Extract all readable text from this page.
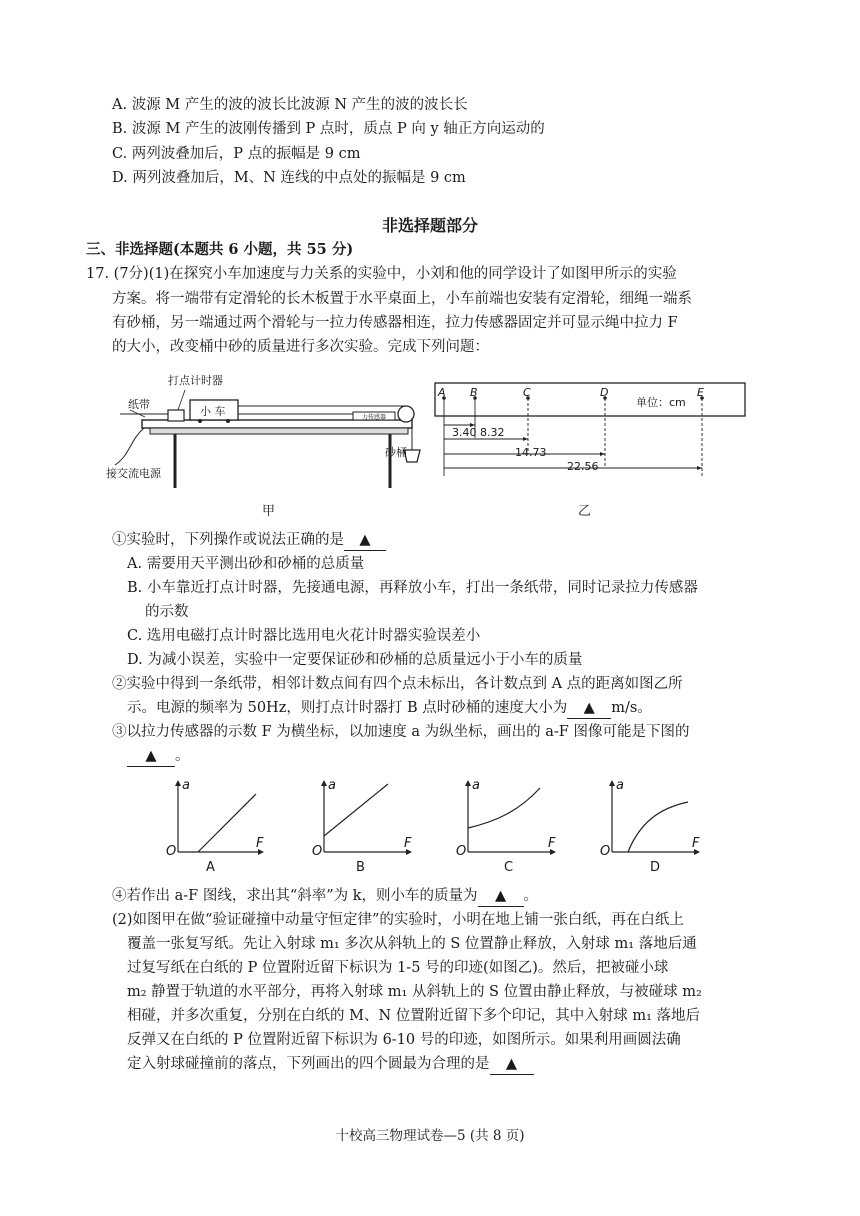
A. 波源 M 产生的波的波长比波源 N 产生的波的波长长
B. 波源 M 产生的波刚传播到 P 点时，质点 P 向 y 轴正方向运动的
C. 两列波叠加后，P 点的振幅是 9 cm
D. 两列波叠加后，M、N 连线的中点处的振幅是 9 cm
非选择题部分
三、非选择题(本题共 6 小题，共 55 分)
17. (7分)(1)在探究小车加速度与力关系的实验中，小刘和他的同学设计了如图甲所示的实验
方案。将一端带有定滑轮的长木板置于水平桌面上，小车前端也安装有定滑轮，细绳一端系
有砂桶，另一端通过两个滑轮与一拉力传感器相连，拉力传感器固定并可显示绳中拉力 F
的大小，改变桶中砂的质量进行多次实验。完成下列问题：
力传感器
打点计时器
纸带
小 车
砂桶
接交流电源
甲
A B	C	D	E
单位：cm
3.40 8.32
14.73
22.56
乙
①实验时，下列操作或说法正确的是 ▲
A. 需要用天平测出砂和砂桶的总质量
B. 小车靠近打点计时器，先接通电源，再释放小车，打出一条纸带，同时记录拉力传感器
的示数
C. 选用电磁打点计时器比选用电火花计时器实验误差小
D. 为减小误差，实验中一定要保证砂和砂桶的总质量远小于小车的质量
②实验中得到一条纸带，相邻计数点间有四个点未标出，各计数点到 A 点的距离如图乙所
示。电源的频率为 50Hz，则打点计时器打 B 点时砂桶的速度大小为 ▲ m/s。
③以拉力传感器的示数 F 为横坐标，以加速度 a 为纵坐标，画出的 a-F 图像可能是下图的
▲ 。
a
F
O
A
a
F
O
B
a
F
O
C
a
F
O
D
④若作出 a-F 图线，求出其“斜率”为 k，则小车的质量为 ▲ 。
(2)如图甲在做“验证碰撞中动量守恒定律”的实验时，小明在地上铺一张白纸，再在白纸上
覆盖一张复写纸。先让入射球 m₁ 多次从斜轨上的 S 位置静止释放，入射球 m₁ 落地后通
过复写纸在白纸的 P 位置附近留下标识为 1-5 号的印迹(如图乙)。然后，把被碰小球
m₂ 静置于轨道的水平部分，再将入射球 m₁ 从斜轨上的 S 位置由静止释放，与被碰球 m₂
相碰，并多次重复，分别在白纸的 M、N 位置附近留下多个印记，其中入射球 m₁ 落地后
反弹又在白纸的 P 位置附近留下标识为 6-10 号的印迹，如图所示。如果利用画圆法确
定入射球碰撞前的落点，下列画出的四个圆最为合理的是 ▲
十校高三物理试卷—5 (共 8 页)
